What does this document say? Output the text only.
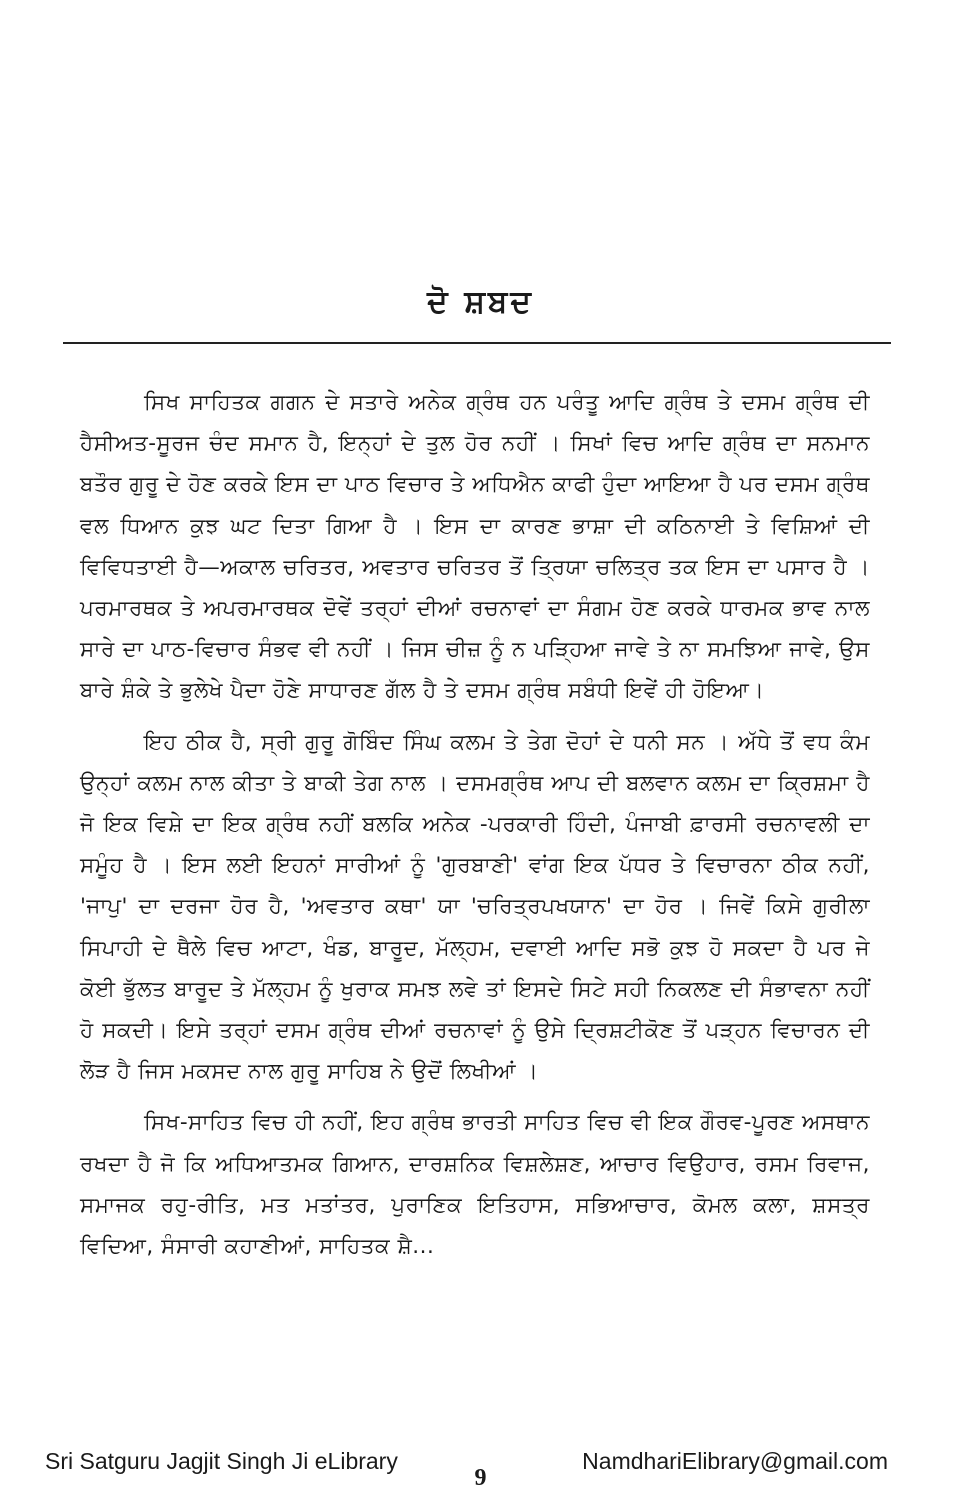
ਦੋ ਸ਼ਬਦ

ਸਿਖ ਸਾਹਿਤਕ ਗਗਨ ਦੇ ਸਤਾਰੇ ਅਨੇਕ ਗ੍ਰੰਥ ਹਨ ਪਰੰਤੂ ਆਦਿ ਗ੍ਰੰਥ ਤੇ ਦਸਮ ਗ੍ਰੰਥ ਦੀ ਹੈਸੀਅਤ-ਸੂਰਜ ਚੰਦ ਸਮਾਨ ਹੈ, ਇਨ੍ਹਾਂ ਦੇ ਤੁਲ ਹੋਰ ਨਹੀਂ । ਸਿਖਾਂ ਵਿਚ ਆਦਿ ਗ੍ਰੰਥ ਦਾ ਸਨਮਾਨ ਬਤੌਰ ਗੁਰੂ ਦੇ ਹੋਣ ਕਰਕੇ ਇਸ ਦਾ ਪਾਠ ਵਿਚਾਰ ਤੇ ਅਧਿਐਨ ਕਾਫੀ ਹੁੰਦਾ ਆਇਆ ਹੈ ਪਰ ਦਸਮ ਗ੍ਰੰਥ ਵਲ ਧਿਆਨ ਕੁਝ ਘਟ ਦਿਤਾ ਗਿਆ ਹੈ । ਇਸ ਦਾ ਕਾਰਣ ਭਾਸ਼ਾ ਦੀ ਕਠਿਨਾਈ ਤੇ ਵਿਸ਼ਿਆਂ ਦੀ ਵਿਵਿਧਤਾਈ ਹੈ—ਅਕਾਲ ਚਰਿਤਰ, ਅਵਤਾਰ ਚਰਿਤਰ ਤੋਂ ਤ੍ਰਿਯਾ ਚਲਿਤ੍ਰ ਤਕ ਇਸ ਦਾ ਪਸਾਰ ਹੈ । ਪਰਮਾਰਥਕ ਤੇ ਅਪਰਮਾਰਥਕ ਦੋਵੇਂ ਤਰ੍ਹਾਂ ਦੀਆਂ ਰਚਨਾਵਾਂ ਦਾ ਸੰਗਮ ਹੋਣ ਕਰਕੇ ਧਾਰਮਕ ਭਾਵ ਨਾਲ ਸਾਰੇ ਦਾ ਪਾਠ-ਵਿਚਾਰ ਸੰਭਵ ਵੀ ਨਹੀਂ । ਜਿਸ ਚੀਜ਼ ਨੂੰ ਨ ਪੜ੍ਹਿਆ ਜਾਵੇ ਤੇ ਨਾ ਸਮਝਿਆ ਜਾਵੇ, ਉਸ ਬਾਰੇ ਸ਼ੰਕੇ ਤੇ ਭੁਲੇਖੇ ਪੈਦਾ ਹੋਣੇ ਸਾਧਾਰਣ ਗੱਲ ਹੈ ਤੇ ਦਸਮ ਗ੍ਰੰਥ ਸਬੰਧੀ ਇਵੇਂ ਹੀ ਹੋਇਆ।

ਇਹ ਠੀਕ ਹੈ, ਸ੍ਰੀ ਗੁਰੂ ਗੋਬਿੰਦ ਸਿੰਘ ਕਲਮ ਤੇ ਤੇਗ ਦੋਹਾਂ ਦੇ ਧਨੀ ਸਨ । ਅੱਧੇ ਤੋਂ ਵਧ ਕੰਮ ਉਨ੍ਹਾਂ ਕਲਮ ਨਾਲ ਕੀਤਾ ਤੇ ਬਾਕੀ ਤੇਗ ਨਾਲ । ਦਸਮਗ੍ਰੰਥ ਆਪ ਦੀ ਬਲਵਾਨ ਕਲਮ ਦਾ ਕ੍ਰਿਸ਼ਮਾ ਹੈ ਜੋ ਇਕ ਵਿਸ਼ੇ ਦਾ ਇਕ ਗ੍ਰੰਥ ਨਹੀਂ ਬਲਕਿ ਅਨੇਕ -ਪਰਕਾਰੀ ਹਿੰਦੀ, ਪੰਜਾਬੀ ਫ਼ਾਰਸੀ ਰਚਨਾਵਲੀ ਦਾ ਸਮੂੰਹ ਹੈ । ਇਸ ਲਈ ਇਹਨਾਂ ਸਾਰੀਆਂ ਨੂੰ 'ਗੁਰਬਾਣੀ' ਵਾਂਗ ਇਕ ਪੱਧਰ ਤੇ ਵਿਚਾਰਨਾ ਠੀਕ ਨਹੀਂ, 'ਜਾਪੁ' ਦਾ ਦਰਜਾ ਹੋਰ ਹੈ, 'ਅਵਤਾਰ ਕਥਾ' ਯਾ 'ਚਰਿਤ੍ਰਪਖਯਾਨ' ਦਾ ਹੋਰ । ਜਿਵੇਂ ਕਿਸੇ ਗੁਰੀਲਾ ਸਿਪਾਹੀ ਦੇ ਥੈਲੇ ਵਿਚ ਆਟਾ, ਖੰਡ, ਬਾਰੂਦ, ਮੱਲ੍ਹਮ, ਦਵਾਈ ਆਦਿ ਸਭੋ ਕੁਝ ਹੋ ਸਕਦਾ ਹੈ ਪਰ ਜੇ ਕੋਈ ਭੁੱਲਤ ਬਾਰੂਦ ਤੇ ਮੱਲ੍ਹਮ ਨੂੰ ਖੁਰਾਕ ਸਮਝ ਲਵੇ ਤਾਂ ਇਸਦੇ ਸਿਟੇ ਸਹੀ ਨਿਕਲਣ ਦੀ ਸੰਭਾਵਨਾ ਨਹੀਂ ਹੋ ਸਕਦੀ। ਇਸੇ ਤਰ੍ਹਾਂ ਦਸਮ ਗ੍ਰੰਥ ਦੀਆਂ ਰਚਨਾਵਾਂ ਨੂੰ ਉਸੇ ਦ੍ਰਿਸ਼ਟੀਕੋਣ ਤੋਂ ਪੜ੍ਹਨ ਵਿਚਾਰਨ ਦੀ ਲੋੜ ਹੈ ਜਿਸ ਮਕਸਦ ਨਾਲ ਗੁਰੂ ਸਾਹਿਬ ਨੇ ਉਦੋਂ ਲਿਖੀਆਂ ।

ਸਿਖ-ਸਾਹਿਤ ਵਿਚ ਹੀ ਨਹੀਂ, ਇਹ ਗ੍ਰੰਥ ਭਾਰਤੀ ਸਾਹਿਤ ਵਿਚ ਵੀ ਇਕ ਗੌਰਵ-ਪੂਰਣ ਅਸਥਾਨ ਰਖਦਾ ਹੈ ਜੋ ਕਿ ਅਧਿਆਤਮਕ ਗਿਆਨ, ਦਾਰਸ਼ਨਿਕ ਵਿਸ਼ਲੇਸ਼ਣ, ਆਚਾਰ ਵਿਉਹਾਰ, ਰਸਮ ਰਿਵਾਜ, ਸਮਾਜਕ ਰਹੁ-ਰੀਤਿ, ਮਤ ਮਤਾਂਤਰ, ਪੁਰਾਣਿਕ ਇਤਿਹਾਸ, ਸਭਿਆਚਾਰ, ਕੋਮਲ ਕਲਾ, ਸ਼ਸਤ੍ਰ ਵਿਦਿਆ, ਸੰਸਾਰੀ ਕਹਾਣੀਆਂ, ਸਾਹਿਤਕ ਸ਼ੈ...

Sri Satguru Jagjit Singh Ji eLibrary	NamdhariElibrary@gmail.com
9
